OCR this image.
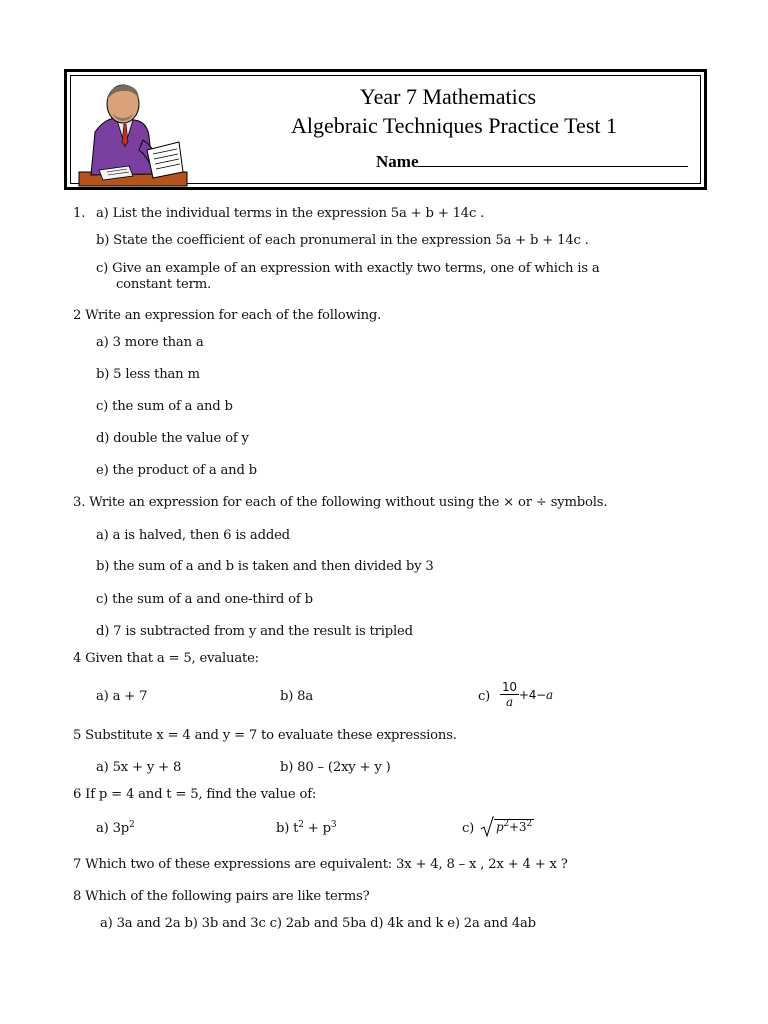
Year 7 Mathematics
Algebraic Techniques Practice Test 1
Name
1. a) List the individual terms in the expression 5a + b + 14c .
b) State the coefficient of each pronumeral in the expression 5a + b + 14c .
c) Give an example of an expression with exactly two terms, one of which is a
constant term.
2 Write an expression for each of the following.
a) 3 more than a
b) 5 less than m
c) the sum of a and b
d) double the value of y
e) the product of a and b
3. Write an expression for each of the following without using the × or ÷ symbols.
a) a is halved, then 6 is added
b) the sum of a and b is taken and then divided by 3
c) the sum of a and one-third of b
d) 7 is subtracted from y and the result is tripled
4 Given that a = 5, evaluate:
a) a + 7	b) 8a	$c) \frac{10}{a} +4-a$
5 Substitute x = 4 and y = 7 to evaluate these expressions.
a) 5x + y + 8	b) 80 – (2xy + y )
6 If p = 4 and t = 5, find the value of:
a) $3p^2$	b) $t^2 + p^3$	c)	$p^2+3^2$
7 Which two of these expressions are equivalent: 3x + 4, 8 – x , 2x + 4 + x ?
8 Which of the following pairs are like terms?
a) 3a and 2a b) 3b and 3c c) 2ab and 5ba d) 4k and k e) 2a and 4ab
